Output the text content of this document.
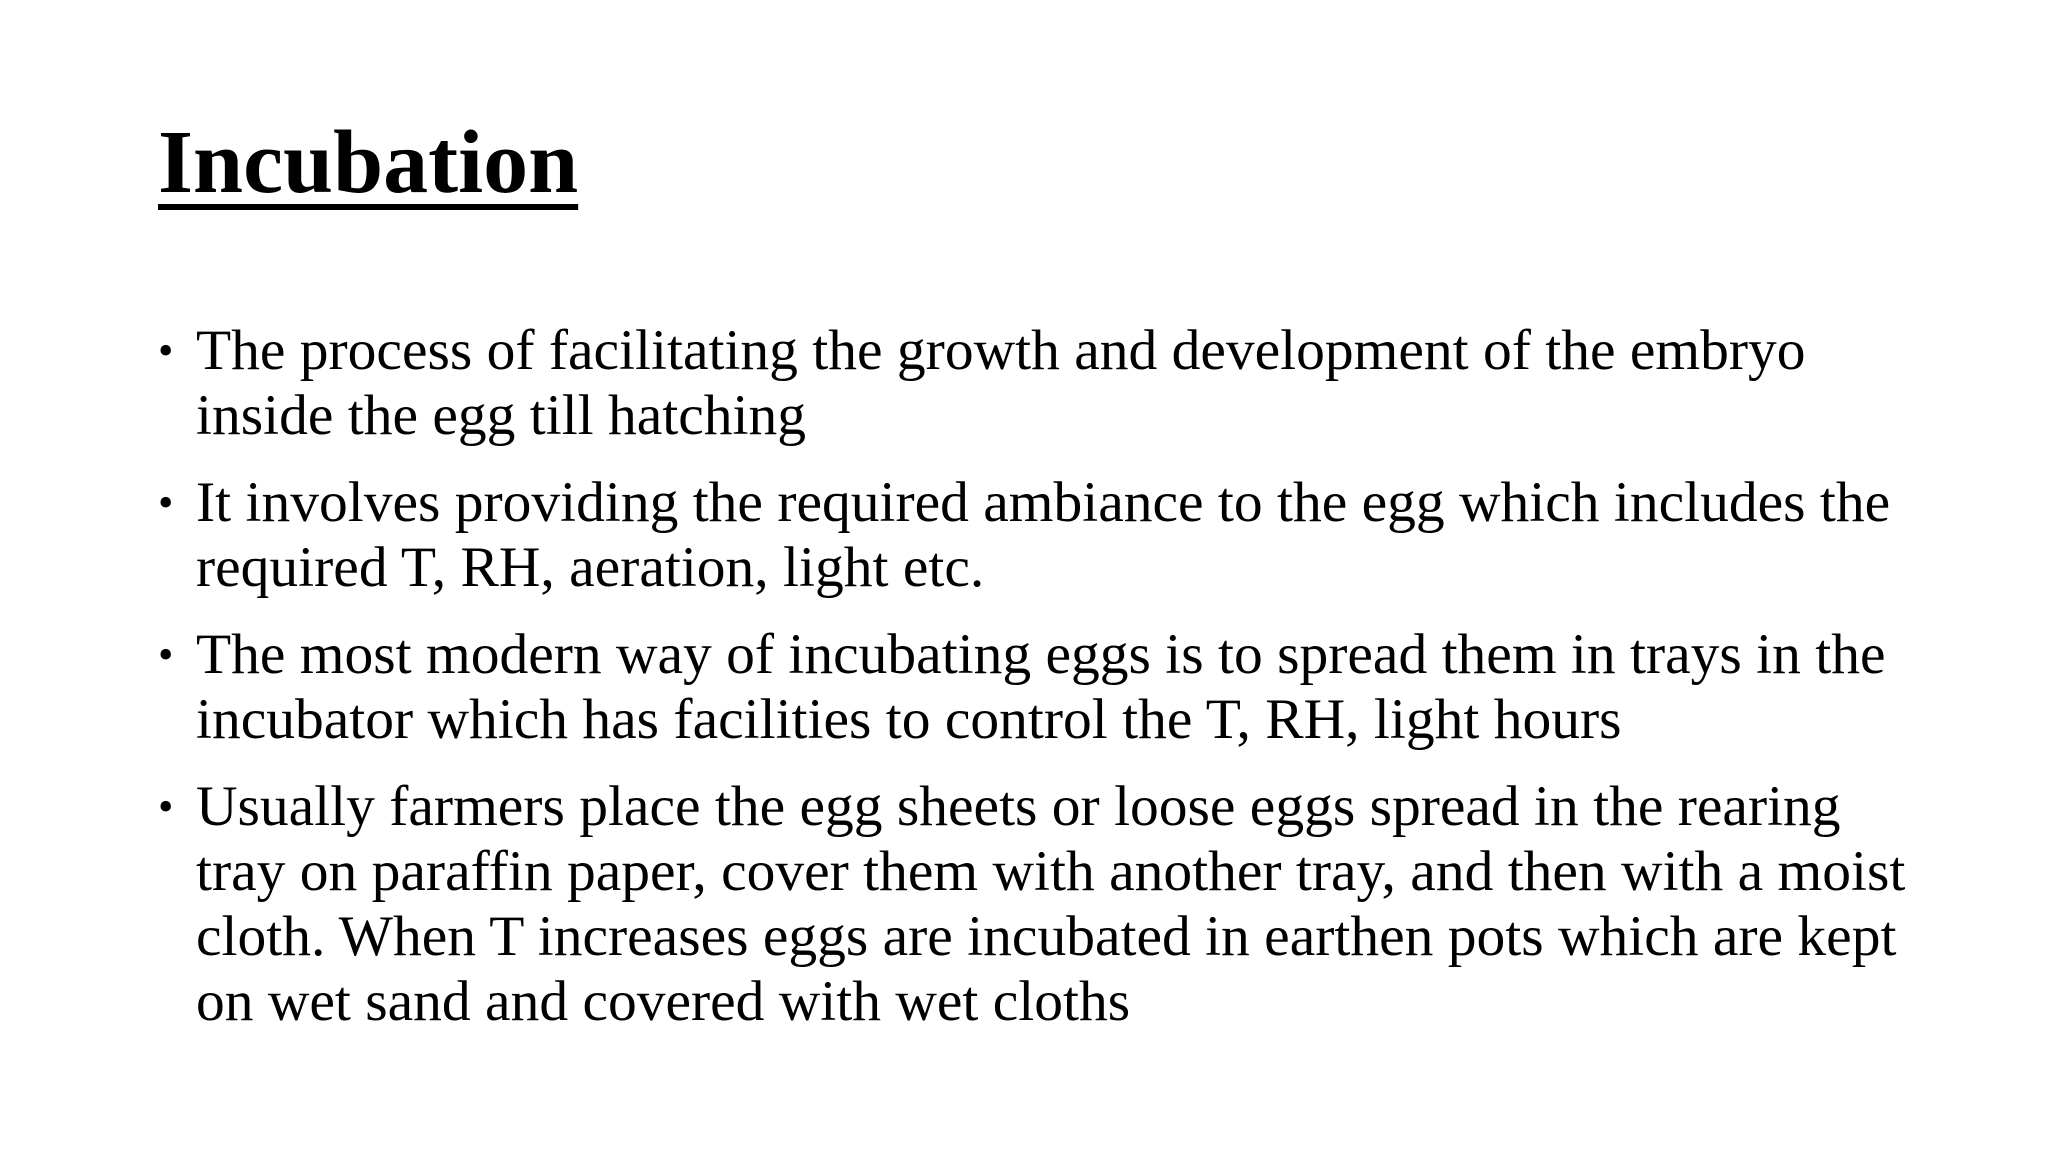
Incubation
• The process of facilitating the growth and development of the embryo inside the egg till hatching
• It involves providing the required ambiance to the egg which includes the required T, RH, aeration, light etc.
• The most modern way of incubating eggs is to spread them in trays in the incubator which has facilities to control the T, RH, light hours
• Usually farmers place the egg sheets or loose eggs spread in the rearing tray on paraffin paper, cover them with another tray, and then with a moist cloth. When T increases eggs are incubated in earthen pots which are kept on wet sand and covered with wet cloths
